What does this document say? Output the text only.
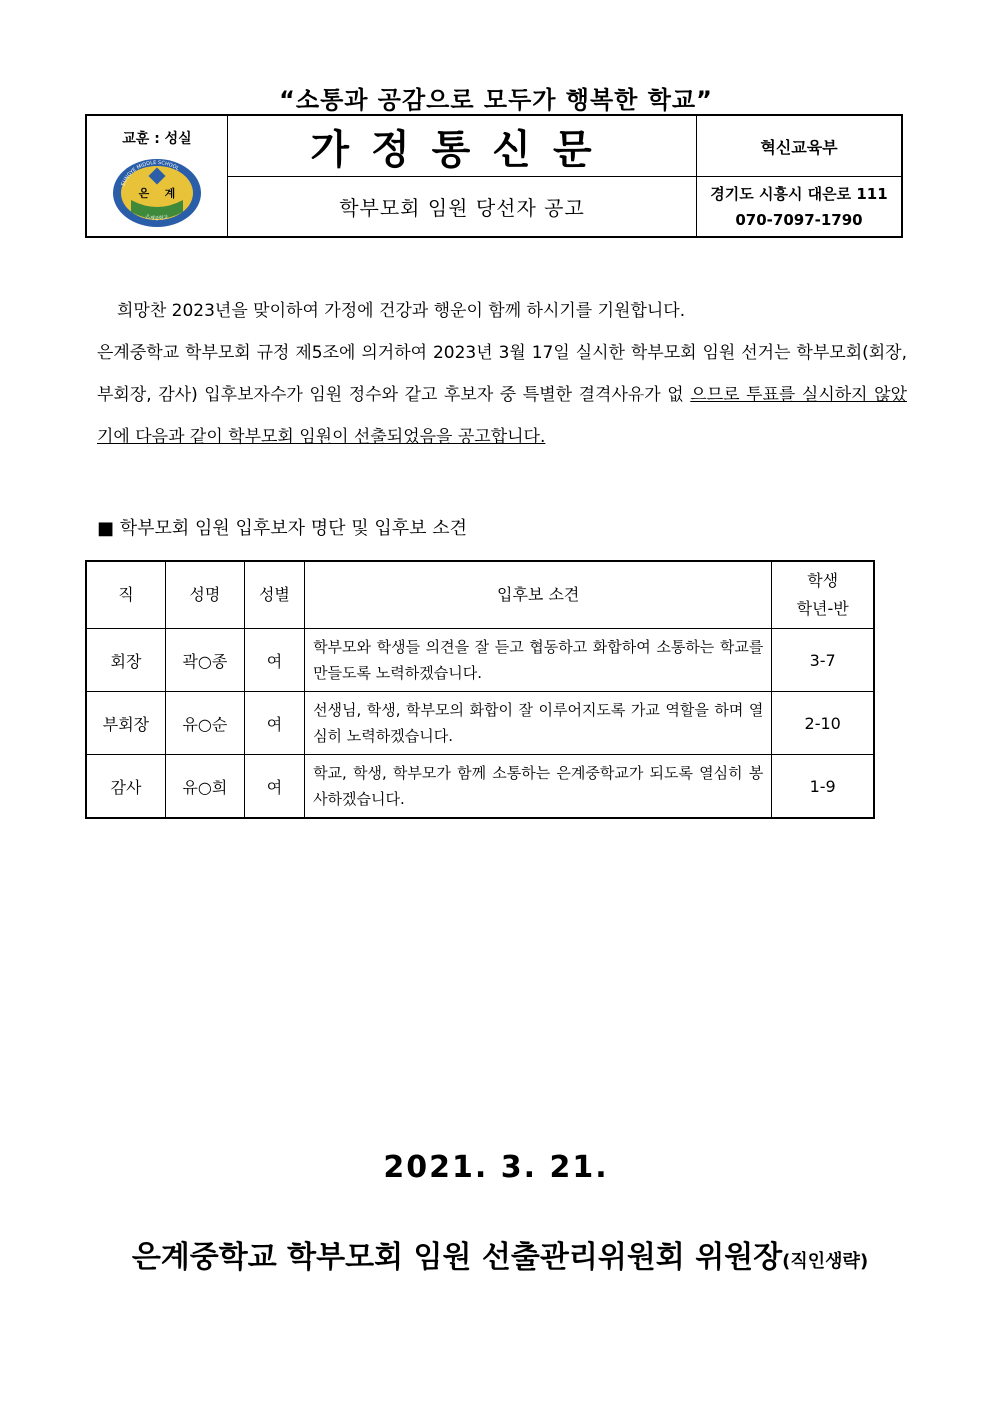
“소통과 공감으로 모두가 행복한 학교”
교훈 : 성실
은 계
EUNGYE MIDDLE SCHOOL
은계중학교	가정통신문	혁신교육부
	학부모회 임원 당선자 공고	경기도 시흥시 대은로 111
070-7097-1790

희망찬 2023년을 맞이하여 가정에 건강과 행운이 함께 하시기를 기원합니다.

은계중학교 학부모회 규정 제5조에 의거하여 2023년 3월 17일 실시한 학부모회 임원 선거는 학부모회(회장, 부회장, 감사) 입후보자수가 임원 정수와 같고 후보자 중 특별한 결격사유가 없 으므로 투표를 실시하지 않았기에 다음과 같이 학부모회 임원이 선출되었음을 공고합니다.

■ 학부모회 임원 입후보자 명단 및 입후보 소견
직	성명	성별	입후보 소견	학생
학년-반

회장	곽○종	여	학부모와 학생들 의견을 잘 듣고 협동하고 화합하여 소통하는 학교를 만들도록 노력하겠습니다.	3-7
부회장	유○순	여	선생님, 학생, 학부모의 화합이 잘 이루어지도록 가교 역할을 하며 열심히 노력하겠습니다.	2-10
감사	유○희	여	학교, 학생, 학부모가 함께 소통하는 은계중학교가 되도록 열심히 봉사하겠습니다.	1-9
2021. 3. 21.
은계중학교 학부모회 임원 선출관리위원회 위원장(직인생략)
